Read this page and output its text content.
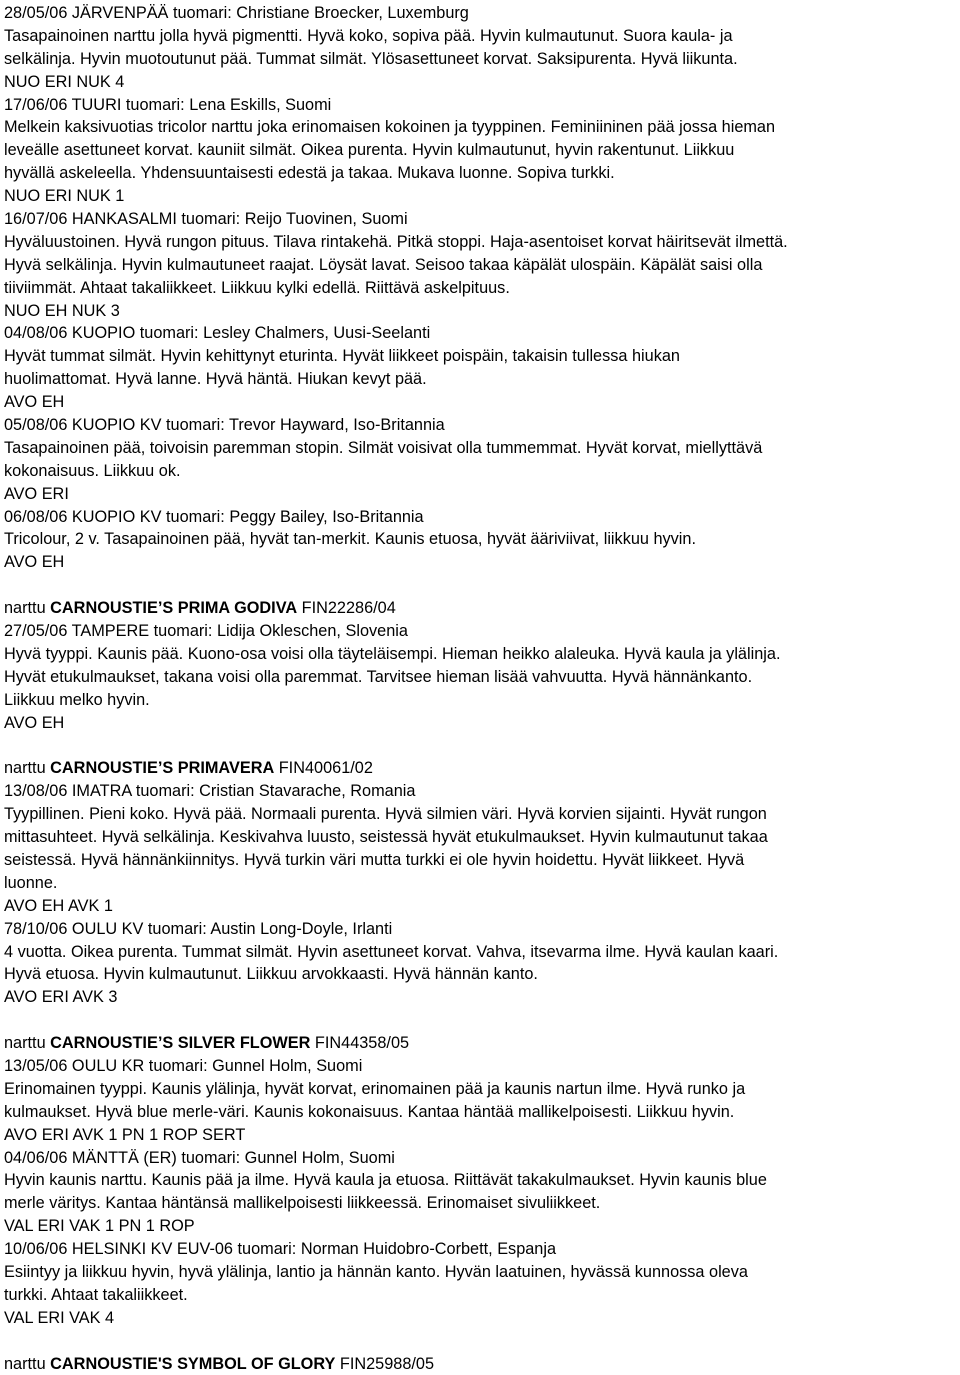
28/05/06 JÄRVENPÄÄ tuomari: Christiane Broecker, Luxemburg
Tasapainoinen narttu jolla hyvä pigmentti. Hyvä koko, sopiva pää. Hyvin kulmautunut. Suora kaula- ja
selkälinja. Hyvin muotoutunut pää. Tummat silmät. Ylösasettuneet korvat. Saksipurenta. Hyvä liikunta.
NUO ERI NUK 4
17/06/06 TUURI tuomari: Lena Eskills, Suomi
Melkein kaksivuotias tricolor narttu joka erinomaisen kokoinen ja tyyppinen. Feminiininen pää jossa hieman
leveälle asettuneet korvat. kauniit silmät. Oikea purenta. Hyvin kulmautunut, hyvin rakentunut. Liikkuu
hyvällä askeleella. Yhdensuuntaisesti edestä ja takaa. Mukava luonne. Sopiva turkki.
NUO ERI NUK 1
16/07/06 HANKASALMI tuomari: Reijo Tuovinen, Suomi
Hyväluustoinen. Hyvä rungon pituus. Tilava rintakehä. Pitkä stoppi. Haja-asentoiset korvat häiritsevät ilmettä.
Hyvä selkälinja. Hyvin kulmautuneet raajat. Löysät lavat. Seisoo takaa käpälät ulospäin. Käpälät saisi olla
tiiviimmät. Ahtaat takaliikkeet. Liikkuu kylki edellä. Riittävä askelpituus.
NUO EH NUK 3
04/08/06 KUOPIO tuomari: Lesley Chalmers, Uusi-Seelanti
Hyvät tummat silmät. Hyvin kehittynyt eturinta. Hyvät liikkeet poispäin, takaisin tullessa hiukan
huolimattomat. Hyvä lanne. Hyvä häntä. Hiukan kevyt pää.
AVO EH
05/08/06 KUOPIO KV tuomari: Trevor Hayward, Iso-Britannia
Tasapainoinen pää, toivoisin paremman stopin. Silmät voisivat olla tummemmat. Hyvät korvat, miellyttävä
kokonaisuus. Liikkuu ok.
AVO ERI
06/08/06 KUOPIO KV tuomari: Peggy Bailey, Iso-Britannia
Tricolour, 2 v. Tasapainoinen pää, hyvät tan-merkit. Kaunis etuosa, hyvät ääriviivat, liikkuu hyvin.
AVO EH
narttu CARNOUSTIE’S PRIMA GODIVA FIN22286/04
27/05/06 TAMPERE tuomari: Lidija Okleschen, Slovenia
Hyvä tyyppi. Kaunis pää. Kuono-osa voisi olla täyteläisempi. Hieman heikko alaleuka. Hyvä kaula ja ylälinja.
Hyvät etukulmaukset, takana voisi olla paremmat. Tarvitsee hieman lisää vahvuutta. Hyvä hännänkanto.
Liikkuu melko hyvin.
AVO EH
narttu CARNOUSTIE’S PRIMAVERA FIN40061/02
13/08/06 IMATRA tuomari: Cristian Stavarache, Romania
Tyypillinen. Pieni koko. Hyvä pää. Normaali purenta. Hyvä silmien väri. Hyvä korvien sijainti. Hyvät rungon
mittasuhteet. Hyvä selkälinja. Keskivahva luusto, seistessä hyvät etukulmaukset. Hyvin kulmautunut takaa
seistessä. Hyvä hännänkiinnitys. Hyvä turkin väri mutta turkki ei ole hyvin hoidettu. Hyvät liikkeet. Hyvä
luonne.
AVO EH AVK 1
78/10/06 OULU KV tuomari: Austin Long-Doyle, Irlanti
4 vuotta. Oikea purenta. Tummat silmät. Hyvin asettuneet korvat. Vahva, itsevarma ilme. Hyvä kaulan kaari.
Hyvä etuosa. Hyvin kulmautunut. Liikkuu arvokkaasti. Hyvä hännän kanto.
AVO ERI AVK 3
narttu CARNOUSTIE’S SILVER FLOWER FIN44358/05
13/05/06 OULU KR tuomari: Gunnel Holm, Suomi
Erinomainen tyyppi. Kaunis ylälinja, hyvät korvat, erinomainen pää ja kaunis nartun ilme. Hyvä runko ja
kulmaukset. Hyvä blue merle-väri. Kaunis kokonaisuus. Kantaa häntää mallikelpoisesti. Liikkuu hyvin.
AVO ERI AVK 1 PN 1 ROP SERT
04/06/06 MÄNTTÄ (ER) tuomari: Gunnel Holm, Suomi
Hyvin kaunis narttu. Kaunis pää ja ilme. Hyvä kaula ja etuosa. Riittävät takakulmaukset. Hyvin kaunis blue
merle väritys. Kantaa häntänsä mallikelpoisesti liikkeessä. Erinomaiset sivuliikkeet.
VAL ERI VAK 1 PN 1 ROP
10/06/06 HELSINKI KV EUV-06 tuomari: Norman Huidobro-Corbett, Espanja
Esiintyy ja liikkuu hyvin, hyvä ylälinja, lantio ja hännän kanto. Hyvän laatuinen, hyvässä kunnossa oleva
turkki. Ahtaat takaliikkeet.
VAL ERI VAK 4
narttu CARNOUSTIE'S SYMBOL OF GLORY FIN25988/05
